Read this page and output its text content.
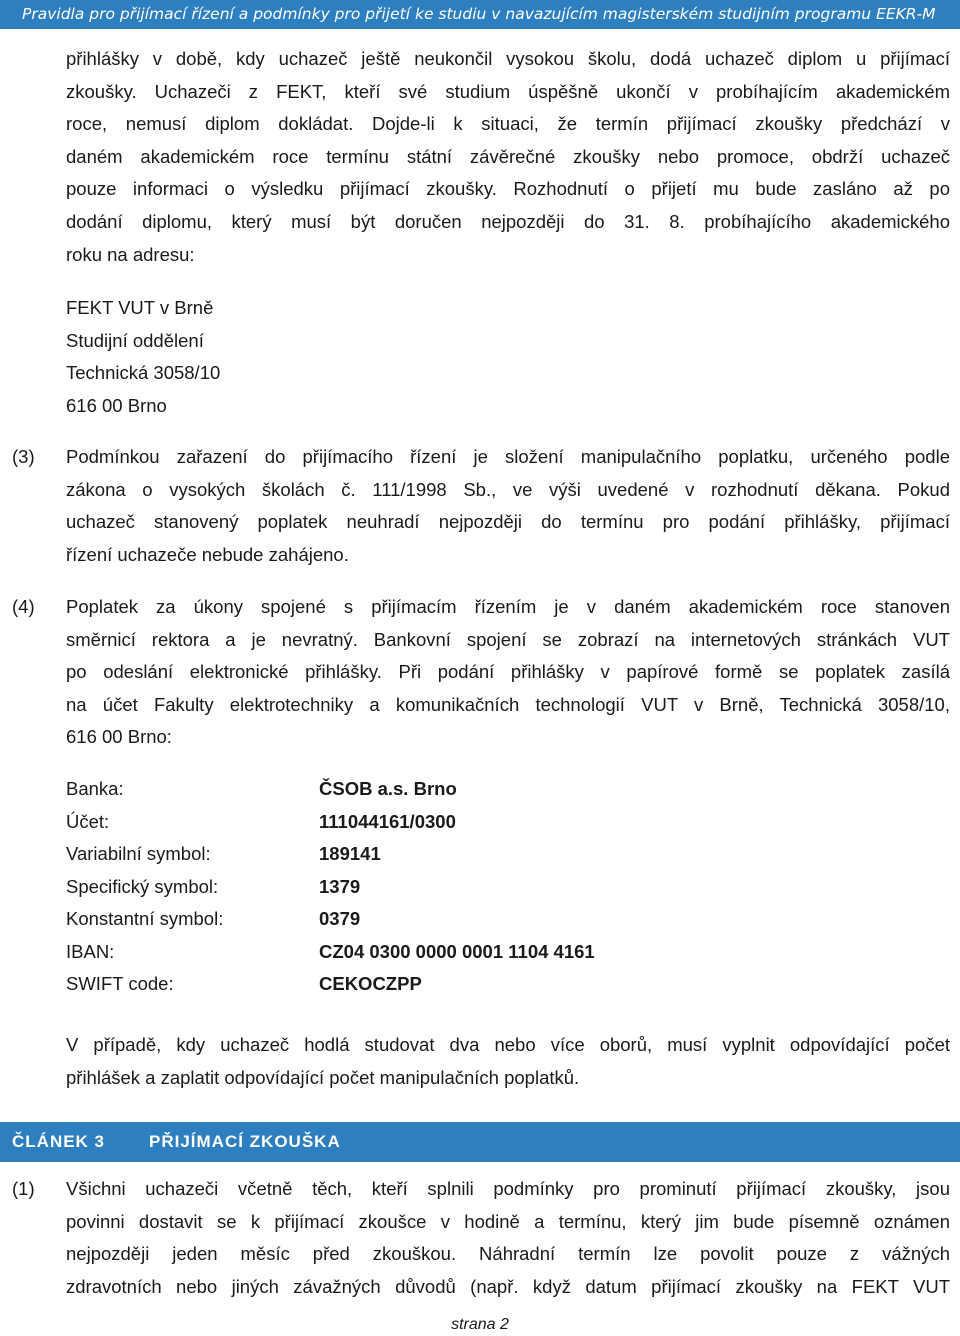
Pravidla pro přijímací řízení a podmínky pro přijetí ke studiu v navazujícím magisterském studijním programu EEKR-M
přihlášky v době, kdy uchazeč ještě neukončil vysokou školu, dodá uchazeč diplom u přijímací
zkoušky. Uchazeči z FEKT, kteří své studium úspěšně ukončí v probíhajícím akademickém
roce, nemusí diplom dokládat. Dojde-li k situaci, že termín přijímací zkoušky předchází v
daném akademickém roce termínu státní závěrečné zkoušky nebo promoce, obdrží uchazeč
pouze informaci o výsledku přijímací zkoušky. Rozhodnutí o přijetí mu bude zasláno až po
dodání diplomu, který musí být doručen nejpozději do 31. 8. probíhajícího akademického
roku na adresu:
FEKT VUT v Brně
Studijní oddělení
Technická 3058/10
616 00 Brno
(3) Podmínkou zařazení do přijímacího řízení je složení manipulačního poplatku, určeného podle
zákona o vysokých školách č. 111/1998 Sb., ve výši uvedené v rozhodnutí děkana. Pokud
uchazeč stanovený poplatek neuhradí nejpozději do termínu pro podání přihlášky, přijímací
řízení uchazeče nebude zahájeno.
(4) Poplatek za úkony spojené s přijímacím řízením je v daném akademickém roce stanoven
směrnicí rektora a je nevratný. Bankovní spojení se zobrazí na internetových stránkách VUT
po odeslání elektronické přihlášky. Při podání přihlášky v papírové formě se poplatek zasílá
na účet Fakulty elektrotechniky a komunikačních technologií VUT v Brně, Technická 3058/10,
616 00 Brno:
Banka:	ČSOB a.s. Brno
Účet:	111044161/0300
Variabilní symbol:	189141
Specifický symbol:	1379
Konstantní symbol:	0379
IBAN:	CZ04 0300 0000 0001 1104 4161
SWIFT code:	CEKOCZPP
V případě, kdy uchazeč hodlá studovat dva nebo více oborů, musí vyplnit odpovídající počet
přihlášek a zaplatit odpovídající počet manipulačních poplatků.
ČLÁNEK 3	PŘIJÍMACÍ ZKOUŠKA
(1) Všichni uchazeči včetně těch, kteří splnili podmínky pro prominutí přijímací zkoušky, jsou
povinni dostavit se k přijímací zkoušce v hodině a termínu, který jim bude písemně oznámen
nejpozději jeden měsíc před zkouškou. Náhradní termín lze povolit pouze z vážných
zdravotních nebo jiných závažných důvodů (např. když datum přijímací zkoušky na FEKT VUT
strana 2
